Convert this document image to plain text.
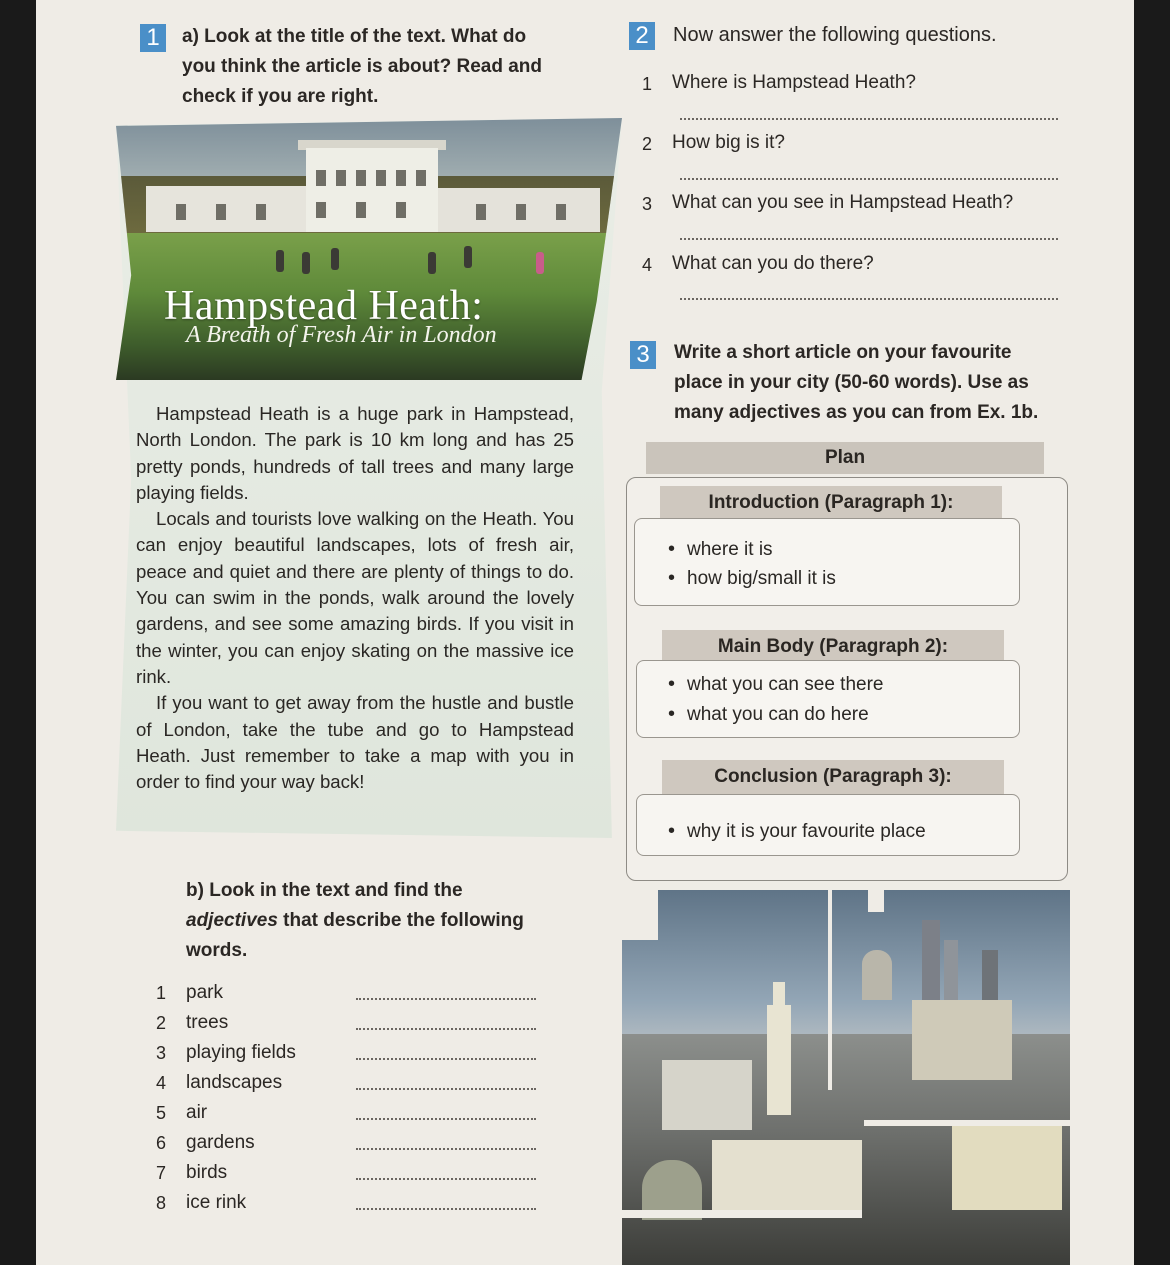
1	a) Look at the title of the text. What do
you think the article is about? Read and
check if you are right.
Hampstead Heath:
A Breath of Fresh Air in London

Hampstead Heath is a huge park in Hampstead, North London. The park is 10 km long and has 25 pretty ponds, hundreds of tall trees and many large playing fields.

Locals and tourists love walking on the Heath. You can enjoy beautiful landscapes, lots of fresh air, peace and quiet and there are plenty of things to do. You can swim in the ponds, walk around the lovely gardens, and see some amazing birds. If you visit in the winter, you can enjoy skating on the massive ice rink.

If you want to get away from the hustle and bustle of London, take the tube and go to Hampstead Heath. Just remember to take a map with you in order to find your way back!

b) Look in the text and find the
adjectives that describe the following
words.
1 park
2 trees
3 playing fields
4 landscapes
5 air
6 gardens
7 birds
8 ice rink
2	Now answer the following questions.
1 Where is Hampstead Heath?
2 How big is it?
3 What can you see in Hampstead Heath?
4 What can you do there?
3	Write a short article on your favourite
place in your city (50-60 words). Use as
many adjectives as you can from Ex. 1b.
Plan
Introduction (Paragraph 1):
• where it is
• how big/small it is
Main Body (Paragraph 2):
• what you can see there
• what you can do here
Conclusion (Paragraph 3):
• why it is your favourite place
